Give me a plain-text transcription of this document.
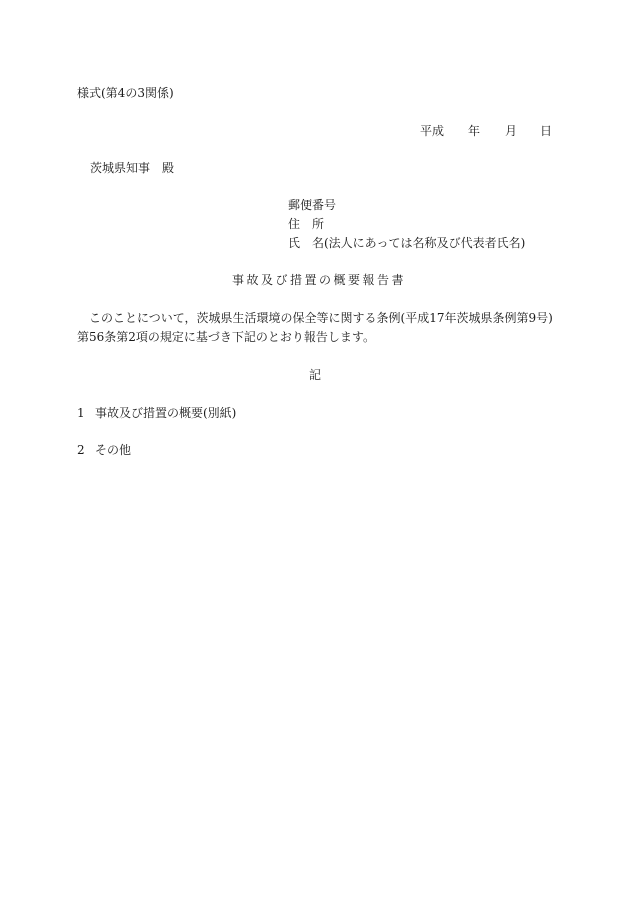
様式(第4の3関係)
平成 年 月 日
茨城県知事 殿
郵便番号
住 所
氏 名(法人にあっては名称及び代表者氏名)
事故及び措置の概要報告書
このことについて，茨城県生活環境の保全等に関する条例(平成17年茨城県条例第9号)
第56条第2項の規定に基づき下記のとおり報告します。
記
1 事故及び措置の概要(別紙)
2 その他
